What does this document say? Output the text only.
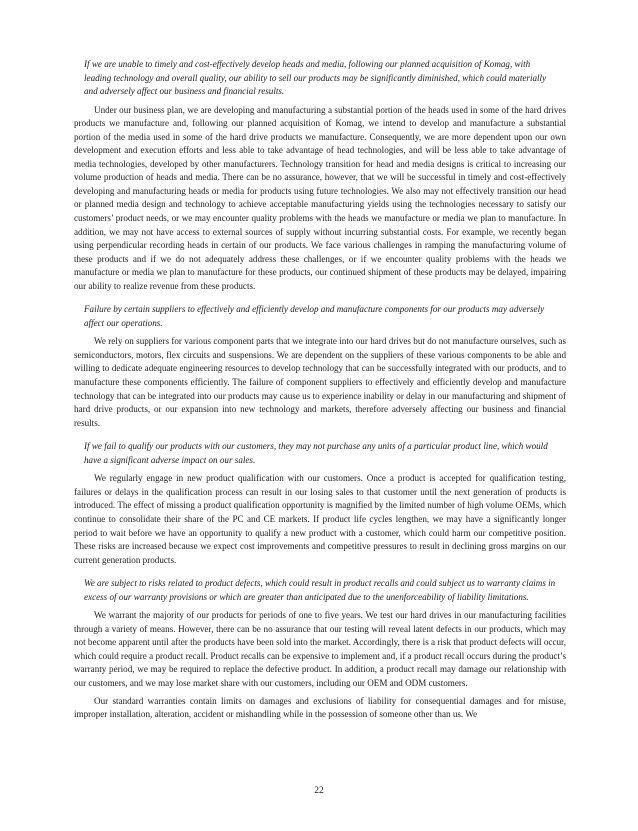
If we are unable to timely and cost-effectively develop heads and media, following our planned acquisition of Komag, with leading technology and overall quality, our ability to sell our products may be significantly diminished, which could materially and adversely affect our business and financial results.

Under our business plan, we are developing and manufacturing a substantial portion of the heads used in some of the hard drives products we manufacture and, following our planned acquisition of Komag, we intend to develop and manufacture a substantial portion of the media used in some of the hard drive products we manufacture. Consequently, we are more dependent upon our own development and execution efforts and less able to take advantage of head technologies, and will be less able to take advantage of media technologies, developed by other manufacturers. Technology transition for head and media designs is critical to increasing our volume production of heads and media. There can be no assurance, however, that we will be successful in timely and cost-effectively developing and manufacturing heads or media for products using future technologies. We also may not effectively transition our head or planned media design and technology to achieve acceptable manufacturing yields using the technologies necessary to satisfy our customers’ product needs, or we may encounter quality problems with the heads we manufacture or media we plan to manufacture. In addition, we may not have access to external sources of supply without incurring substantial costs. For example, we recently began using perpendicular recording heads in certain of our products. We face various challenges in ramping the manufacturing volume of these products and if we do not adequately address these challenges, or if we encounter quality problems with the heads we manufacture or media we plan to manufacture for these products, our continued shipment of these products may be delayed, impairing our ability to realize revenue from these products.

Failure by certain suppliers to effectively and efficiently develop and manufacture components for our products may adversely affect our operations.

We rely on suppliers for various component parts that we integrate into our hard drives but do not manufacture ourselves, such as semiconductors, motors, flex circuits and suspensions. We are dependent on the suppliers of these various components to be able and willing to dedicate adequate engineering resources to develop technology that can be successfully integrated with our products, and to manufacture these components efficiently. The failure of component suppliers to effectively and efficiently develop and manufacture technology that can be integrated into our products may cause us to experience inability or delay in our manufacturing and shipment of hard drive products, or our expansion into new technology and markets, therefore adversely affecting our business and financial results.

If we fail to qualify our products with our customers, they may not purchase any units of a particular product line, which would have a significant adverse impact on our sales.

We regularly engage in new product qualification with our customers. Once a product is accepted for qualification testing, failures or delays in the qualification process can result in our losing sales to that customer until the next generation of products is introduced. The effect of missing a product qualification opportunity is magnified by the limited number of high volume OEMs, which continue to consolidate their share of the PC and CE markets. If product life cycles lengthen, we may have a significantly longer period to wait before we have an opportunity to qualify a new product with a customer, which could harm our competitive position. These risks are increased because we expect cost improvements and competitive pressures to result in declining gross margins on our current generation products.

We are subject to risks related to product defects, which could result in product recalls and could subject us to warranty claims in excess of our warranty provisions or which are greater than anticipated due to the unenforceability of liability limitations.

We warrant the majority of our products for periods of one to five years. We test our hard drives in our manufacturing facilities through a variety of means. However, there can be no assurance that our testing will reveal latent defects in our products, which may not become apparent until after the products have been sold into the market. Accordingly, there is a risk that product defects will occur, which could require a product recall. Product recalls can be expensive to implement and, if a product recall occurs during the product’s warranty period, we may be required to replace the defective product. In addition, a product recall may damage our relationship with our customers, and we may lose market share with our customers, including our OEM and ODM customers.

Our standard warranties contain limits on damages and exclusions of liability for consequential damages and for misuse, improper installation, alteration, accident or mishandling while in the possession of someone other than us. We

22
